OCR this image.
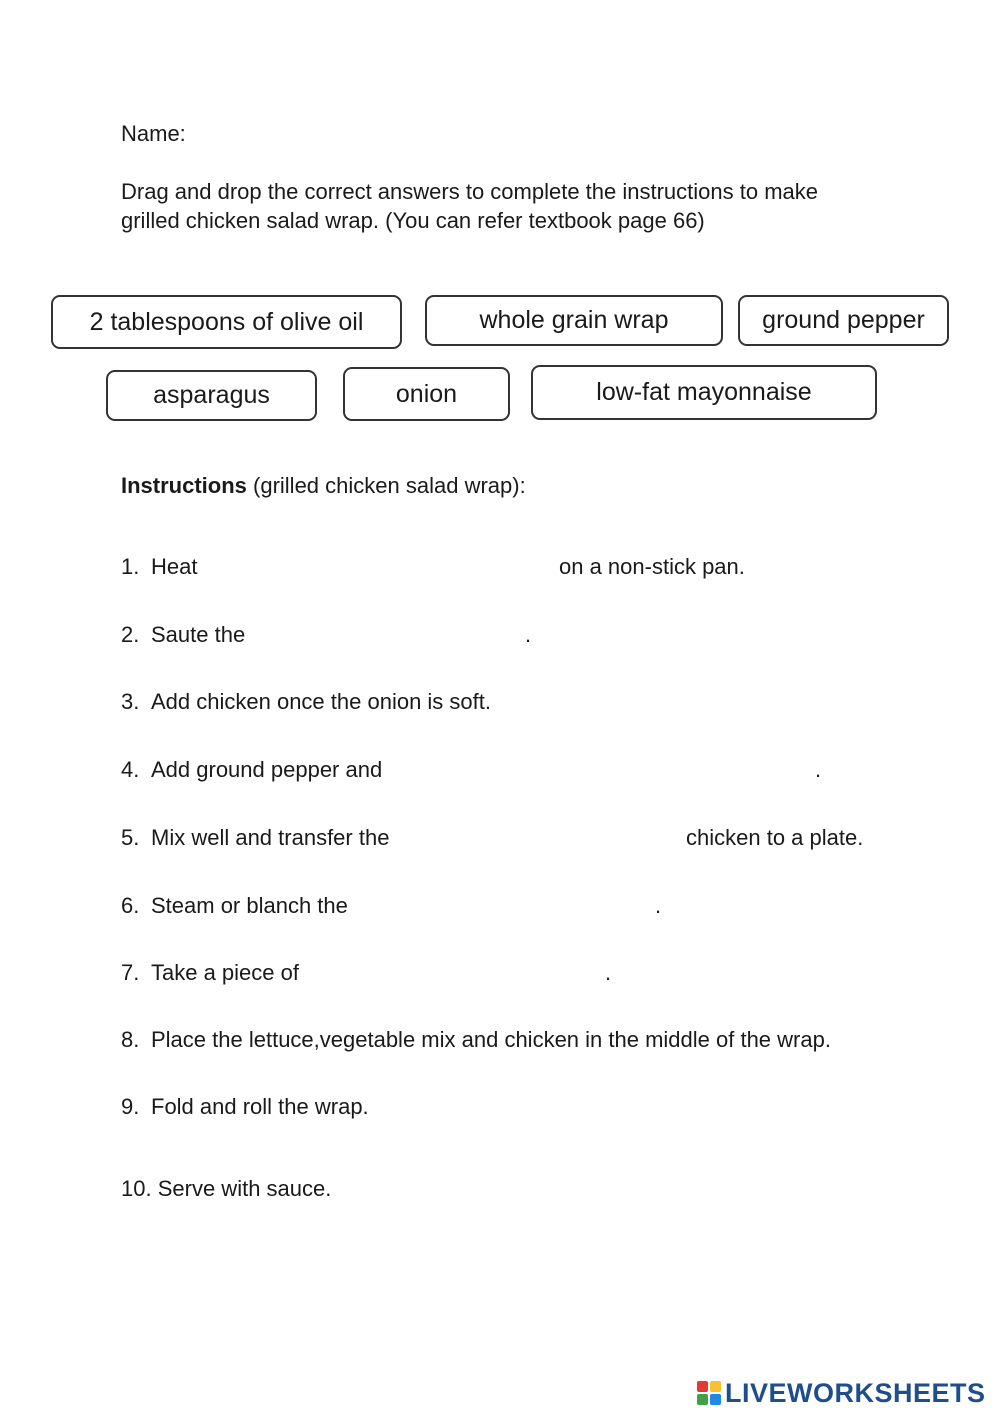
Name:
Drag and drop the correct answers to complete the instructions to make
grilled chicken salad wrap. (You can refer textbook page 66)
2 tablespoons of olive oil	whole grain wrap	ground pepper
asparagus	onion	low-fat mayonnaise
Instructions (grilled chicken salad wrap):
1. Heat	on a non-stick pan.
2. Saute the	.
3. Add chicken once the onion is soft.
4. Add ground pepper and	.
5. Mix well and transfer the	chicken to a plate.
6. Steam or blanch the	.
7. Take a piece of	.
8. Place the lettuce,vegetable mix and chicken in the middle of the wrap.
9. Fold and roll the wrap.
10. Serve with sauce.
LIVEWORKSHEETS
